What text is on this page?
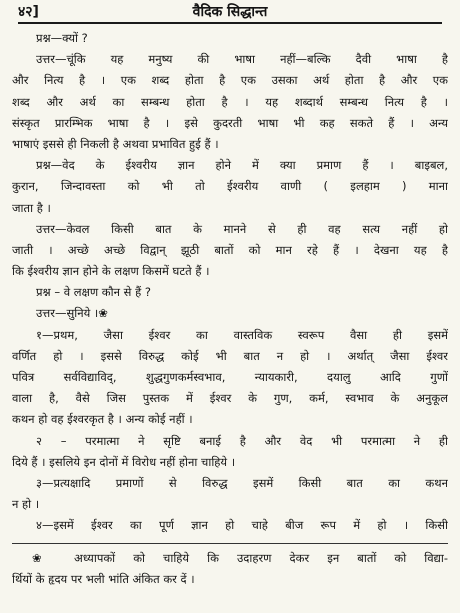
४२]	वैदिक सिद्धान्त
प्रश्न—क्यों ?
उत्तर—चूंकि यह मनुष्य की भाषा नहीं—बल्कि दैवी भाषा है
और नित्य है । एक शब्द होता है एक उसका अर्थ होता है और एक
शब्द और अर्थ का सम्बन्ध होता है । यह शब्दार्थ सम्बन्ध नित्य है ।
संस्कृत प्रारम्भिक भाषा है । इसे कुदरती भाषा भी कह सकते हैं । अन्य
भाषाएं इससे ही निकली है अथवा प्रभावित हुई हैं ।
प्रश्न—वेद के ईश्वरीय ज्ञान होने में क्या प्रमाण हैं । बाइबल,
कुरान, जिन्दावस्ता को भी तो ईश्वरीय वाणी ( इलहाम ) माना
जाता है ।
उत्तर—केवल किसी बात के मानने से ही वह सत्य नहीं हो
जाती । अच्छे अच्छे विद्वान् झूठी बातों को मान रहे हैं । देखना यह है
कि ईश्वरीय ज्ञान होने के लक्षण किसमें घटते हैं ।
प्रश्न – वे लक्षण कौन से हैं ?
उत्तर—सुनिये ।❀
१—प्रथम, जैसा ईश्वर का वास्तविक स्वरूप वैसा ही इसमें
वर्णित हो । इससे विरुद्ध कोई भी बात न हो । अर्थात् जैसा ईश्वर
पवित्र सर्वविद्याविद्, शुद्धगुणकर्मस्वभाव, न्यायकारी, दयालु आदि गुणों
वाला है, वैसे जिस पुस्तक में ईश्वर के गुण, कर्म, स्वभाव के अनुकूल
कथन हो वह ईश्वरकृत है । अन्य कोई नहीं ।
२ – परमात्मा ने सृष्टि बनाई है और वेद भी परमात्मा ने ही
दिये हैं । इसलिये इन दोनों में विरोध नहीं होना चाहिये ।
३—प्रत्यक्षादि प्रमाणों से विरुद्ध इसमें किसी बात का कथन
न हो ।
४—इसमें ईश्वर का पूर्ण ज्ञान हो चाहे बीज रूप में हो । किसी
❀ अध्यापकों को चाहिये कि उदाहरण देकर इन बातों को विद्या-
र्थियों के हृदय पर भली भांति अंकित कर दें ।
